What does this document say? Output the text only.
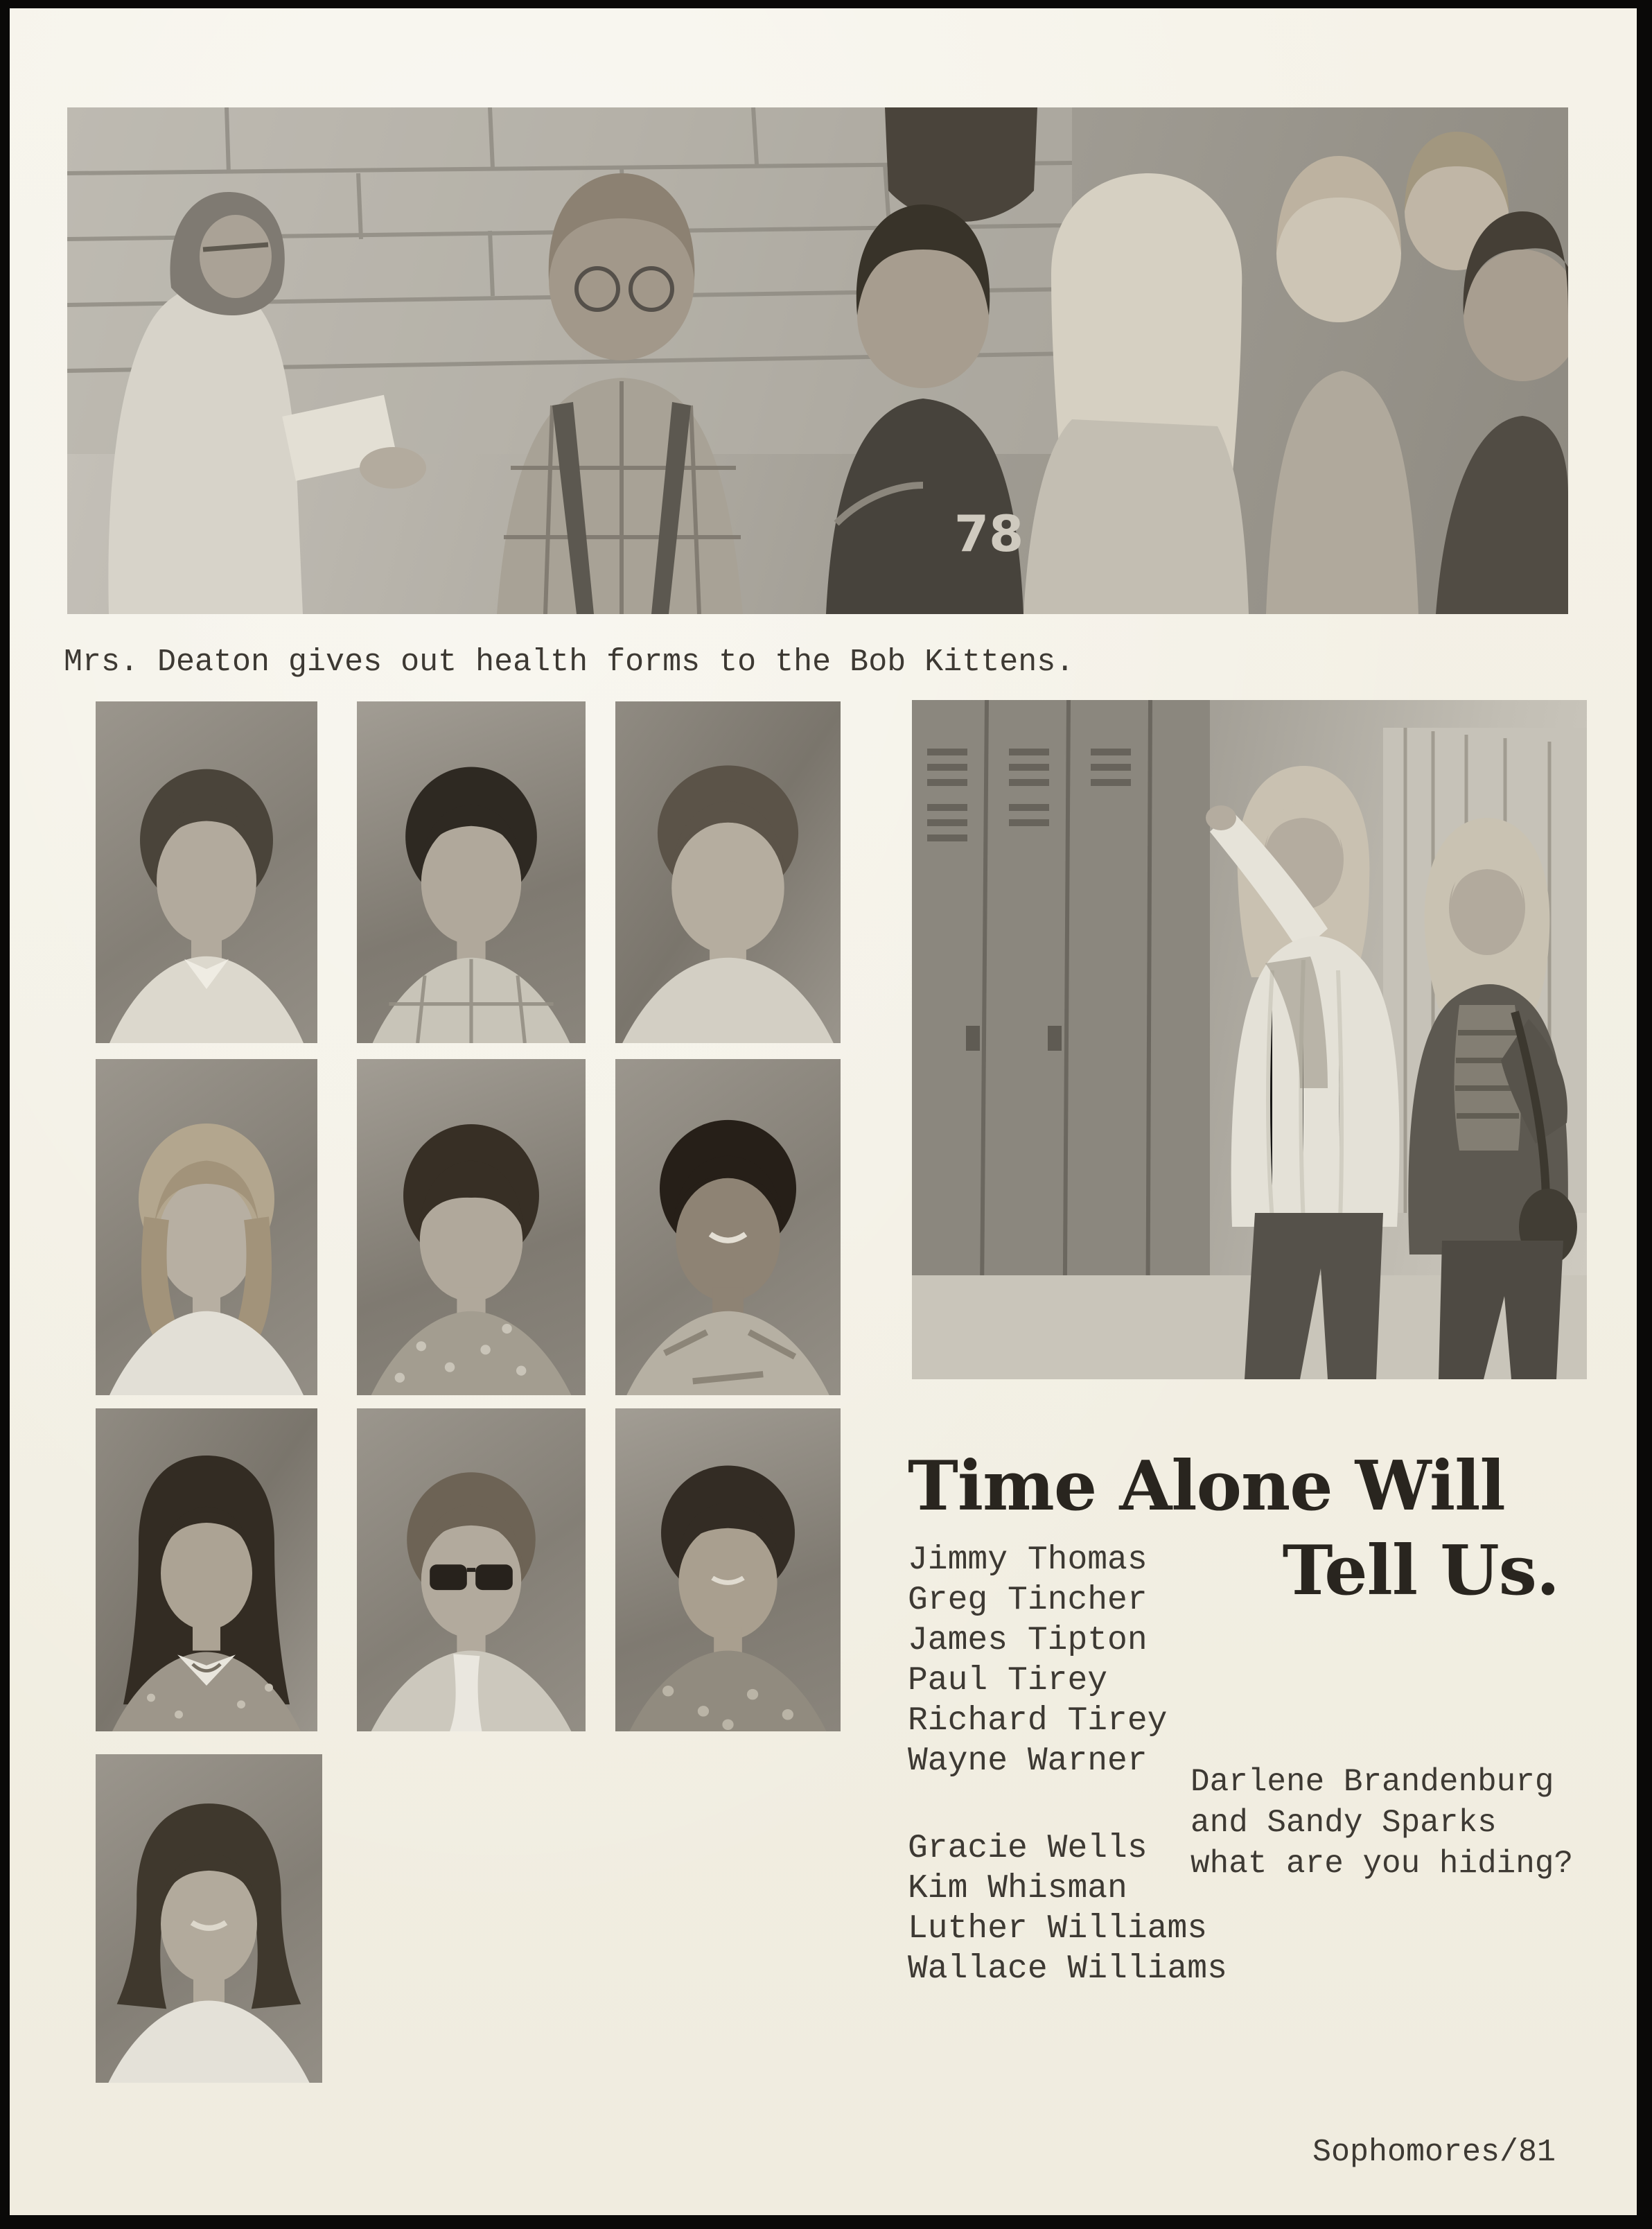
78
Mrs. Deaton gives out health forms to the Bob Kittens.
Time Alone Will
Tell Us.
Jimmy Thomas
Greg Tincher
James Tipton
Paul Tirey
Richard Tirey
Wayne Warner
Gracie Wells
Kim Whisman
Luther Williams
Wallace Williams
Darlene Brandenburg
and Sandy Sparks
what are you hiding?
Sophomores/81
